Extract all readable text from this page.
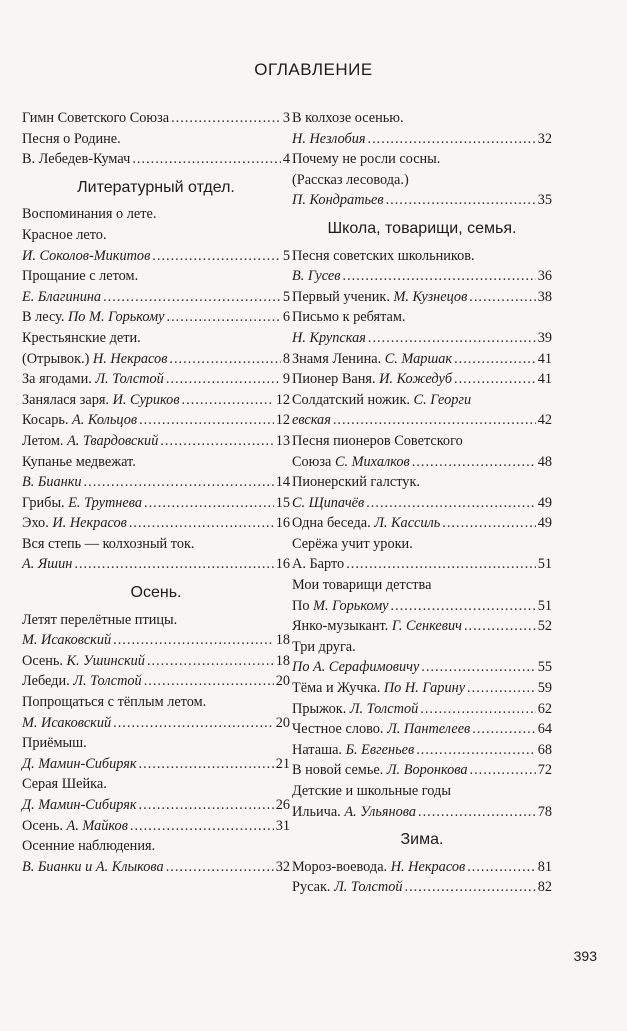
ОГЛАВЛЕНИЕ
Гимн Советского Союза .....	3
Песня о Родине.
В. Лебедев-Кумач .....	4
Литературный отдел.
Воспоминания о лете.
Красное лето.
И. Соколов-Микитов .....	5
Прощание с летом.
Е. Благинина .....	5
В лесу. По М. Горькому .....	6
Крестьянские дети.
(Отрывок.) Н. Некрасов .....	8
За ягодами. Л. Толстой .....	9
Занялася заря. И. Суриков .....	12
Косарь. А. Кольцов .....	12
Летом. А. Твардовский .....	13
Купанье медвежат.
В. Бианки .....	14
Грибы. Е. Трутнева .....	15
Эхо. И. Некрасов .....	16
Вся степь — колхозный ток.
А. Яшин .....	16
Осень.
Летят перелётные птицы.
М. Исаковский .....	18
Осень. К. Ушинский .....	18
Лебеди. Л. Толстой .....	20
Попрощаться с тёплым летом.
М. Исаковский .....	20
Приёмыш.
Д. Мамин-Сибиряк .....	21
Серая Шейка.
Д. Мамин-Сибиряк .....	26
Осень. А. Майков .....	31
Осенние наблюдения.
В. Бианки и А. Клыкова .....	32
В колхозе осенью.
Н. Незлобия .....	32
Почему не росли сосны.
(Рассказ лесовода.)
П. Кондратьев .....	35
Школа, товарищи, семья.
Песня советских школьников.
В. Гусев .....	36
Первый ученик. М. Кузнецов .....	38
Письмо к ребятам.
Н. Крупская .....	39
Знамя Ленина. С. Маршак .....	41
Пионер Ваня. И. Кожедуб .....	41
Солдатский ножик. С. Георги
евская .....	42
Песня пионеров Советского
Союза С. Михалков .....	48
Пионерский галстук.
С. Щипачёв .....	49
Одна беседа. Л. Кассиль .....	49
Серёжа учит уроки.
А. Барто .....	51
Мои товарищи детства
По М. Горькому .....	51
Янко-музыкант. Г. Сенкевич .....	52
Три друга.
По А. Серафимовичу .....	55
Тёма и Жучка. По Н. Гарину .....	59
Прыжок. Л. Толстой .....	62
Честное слово. Л. Пантелеев .....	64
Наташа. Б. Евгеньев .....	68
В новой семье. Л. Воронкова .....	72
Детские и школьные годы
Ильича. А. Ульянова .....	78
Зима.
Мороз-воевода. Н. Некрасов .....	81
Русак. Л. Толстой .....	82
393
